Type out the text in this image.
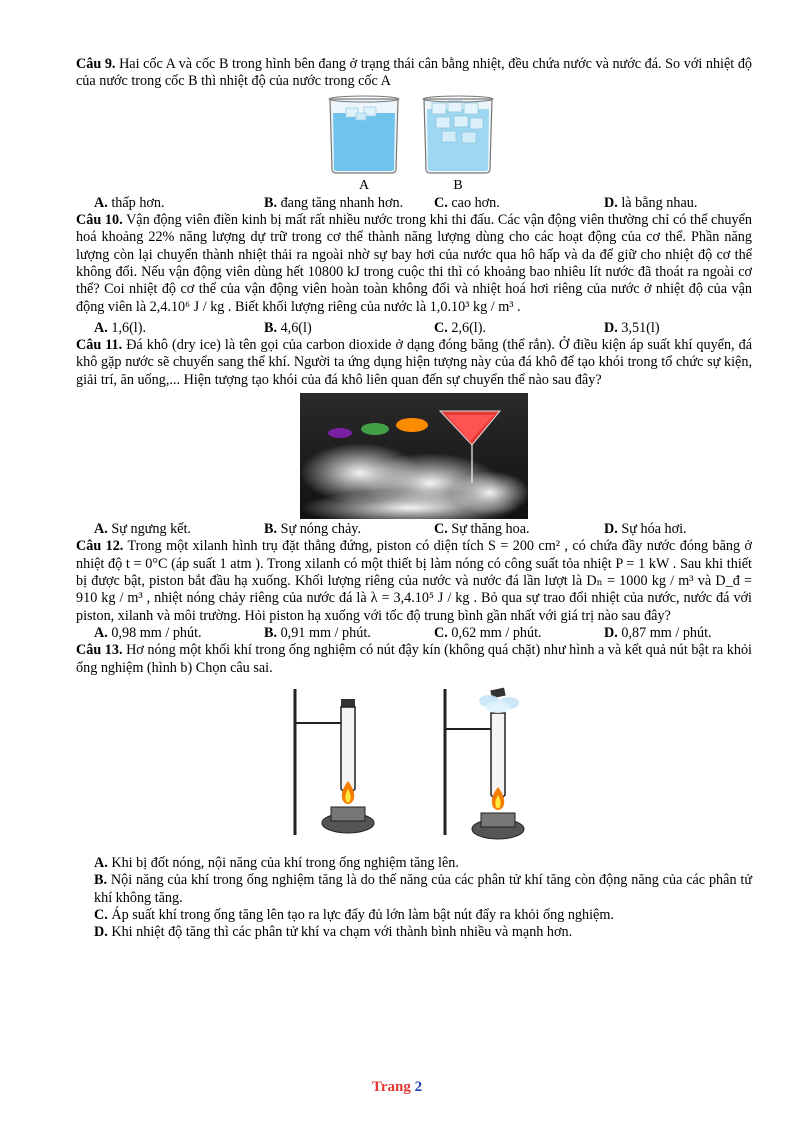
Câu 9. Hai cốc A và cốc B trong hình bên đang ở trạng thái cân bằng nhiệt, đều chứa nước và nước đá. So với nhiệt độ của nước trong cốc B thì nhiệt độ của nước trong cốc A

A	B
A. thấp hơn.	B. đang tăng nhanh hơn.	C. cao hơn.	D. là bằng nhau.

Câu 10. Vận động viên điền kinh bị mất rất nhiều nước trong khi thi đấu. Các vận động viên thường chỉ có thể chuyển hoá khoảng 22% năng lượng dự trữ trong cơ thể thành năng lượng dùng cho các hoạt động của cơ thể. Phần năng lượng còn lại chuyển thành nhiệt thải ra ngoài nhờ sự bay hơi của nước qua hô hấp và da để giữ cho nhiệt độ cơ thể không đổi. Nếu vận động viên dùng hết 10800 kJ trong cuộc thi thì có khoảng bao nhiêu lít nước đã thoát ra ngoài cơ thể? Coi nhiệt độ cơ thể của vận động viên hoàn toàn không đổi và nhiệt hoá hơi riêng của nước ở nhiệt độ của vận động viên là 2,4.10⁶ J / kg . Biết khối lượng riêng của nước là 1,0.10³ kg / m³ .

A. 1,6(l).	B. 4,6(l)	C. 2,6(l).	D. 3,51(l)

Câu 11. Đá khô (dry ice) là tên gọi của carbon dioxide ở dạng đóng băng (thể rắn). Ở điều kiện áp suất khí quyển, đá khô gặp nước sẽ chuyển sang thể khí. Người ta ứng dụng hiện tượng này của đá khô để tạo khói trong tổ chức sự kiện, giải trí, ăn uống,... Hiện tượng tạo khói của đá khô liên quan đến sự chuyển thể nào sau đây?

A. Sự ngưng kết.	B. Sự nóng chảy.	C. Sự thăng hoa.	D. Sự hóa hơi.

Câu 12. Trong một xilanh hình trụ đặt thẳng đứng, piston có diện tích S = 200 cm² , có chứa đầy nước đóng băng ở nhiệt độ t = 0°C (áp suất 1 atm ). Trong xilanh có một thiết bị làm nóng có công suất tỏa nhiệt P = 1 kW . Sau khi thiết bị được bật, piston bắt đầu hạ xuống. Khối lượng riêng của nước và nước đá lần lượt là Dₙ = 1000 kg / m³ và D_đ = 910 kg / m³ , nhiệt nóng chảy riêng của nước đá là λ = 3,4.10⁵ J / kg . Bỏ qua sự trao đổi nhiệt của nước, nước đá với piston, xilanh và môi trường. Hỏi piston hạ xuống với tốc độ trung bình gần nhất với giá trị nào sau đây?

A. 0,98 mm / phút.	B. 0,91 mm / phút.	C. 0,62 mm / phút.	D. 0,87 mm / phút.

Câu 13. Hơ nóng một khối khí trong ống nghiệm có nút đậy kín (không quá chặt) như hình a và kết quả nút bật ra khỏi ống nghiệm (hình b) Chọn câu sai.

A. Khi bị đốt nóng, nội năng của khí trong ống nghiệm tăng lên.

B. Nội năng của khí trong ống nghiệm tăng là do thế năng của các phân tử khí tăng còn động năng của các phân tử khí không tăng.

C. Áp suất khí trong ống tăng lên tạo ra lực đẩy đủ lớn làm bật nút đẩy ra khỏi ống nghiệm.

D. Khi nhiệt độ tăng thì các phân tử khí va chạm với thành bình nhiều và mạnh hơn.

Trang 2
